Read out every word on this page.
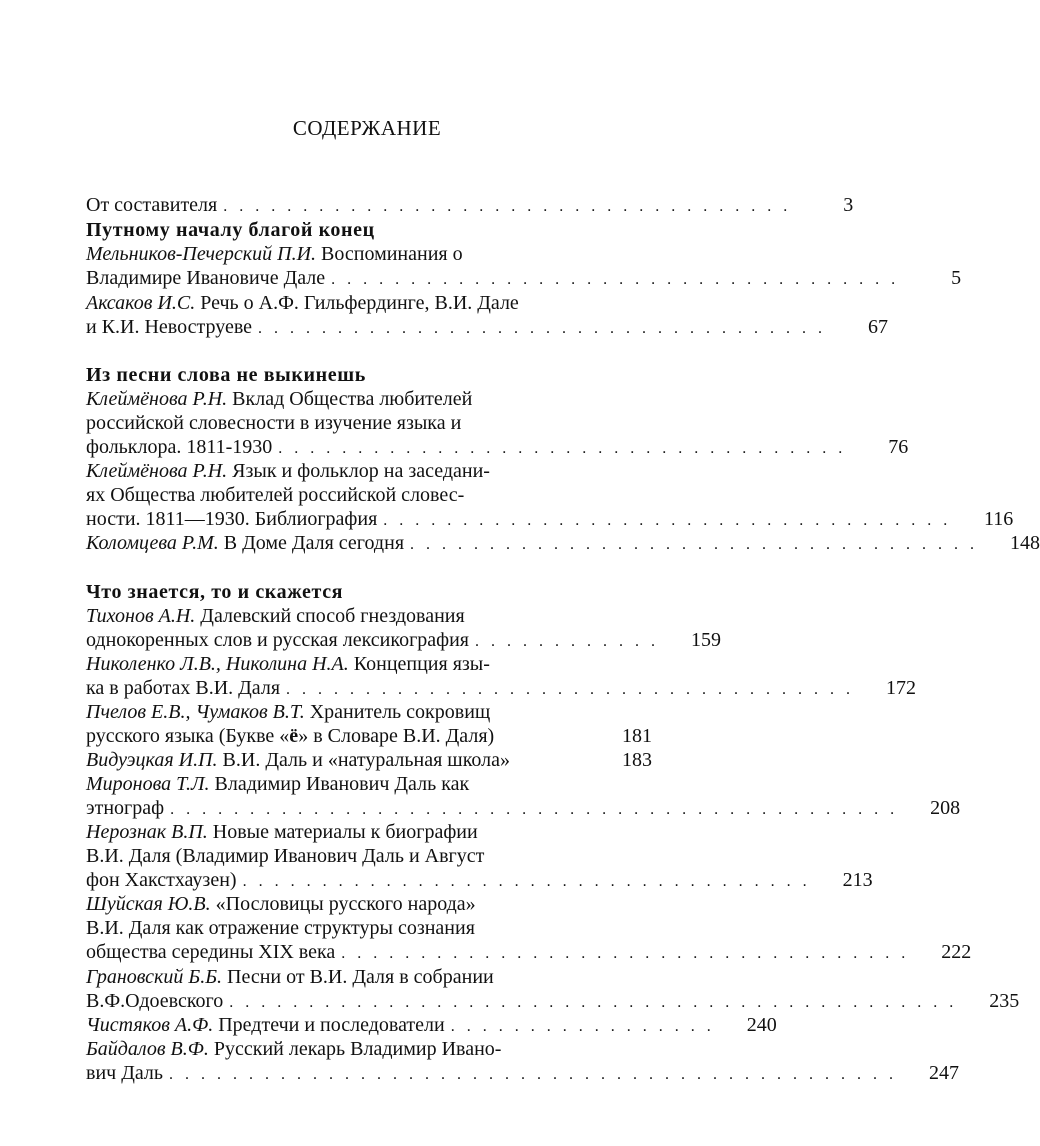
СОДЕРЖАНИЕ
От составителя . . . . . . . . . . . . . . . . . . . . . . . . . . . . . . . . . . . .	3
Путному началу благой конец
Мельников-Печерский П.И. Воспоминания о
Владимире Ивановиче Дале . . . . . . . . . . . . . . . . . . . . . . . . . . . . . . . . . . . .	5
Аксаков И.С. Речь о А.Ф. Гильфердинге, В.И. Дале
и К.И. Невоструеве . . . . . . . . . . . . . . . . . . . . . . . . . . . . . . . . . . . .	67
Из песни слова не выкинешь
Клеймёнова Р.Н. Вклад Общества любителей
российской словесности в изучение языка и
фольклора. 1811-1930 . . . . . . . . . . . . . . . . . . . . . . . . . . . . . . . . . . . .	76
Клеймёнова Р.Н. Язык и фольклор на заседани-
ях Общества любителей российской словес-
ности. 1811—1930. Библиография . . . . . . . . . . . . . . . . . . . . . . . . . . . . . . . . . . . .	116
Коломцева Р.М. В Доме Даля сегодня . . . . . . . . . . . . . . . . . . . . . . . . . . . . . . . . . . . .	148
Что знается, то и скажется
Тихонов А.Н. Далевский способ гнездования
однокоренных слов и русская лексикография . . . . . . . . . . . .	159
Николенко Л.В., Николина Н.А. Концепция язы-
ка в работах В.И. Даля . . . . . . . . . . . . . . . . . . . . . . . . . . . . . . . . . . . .	172
Пчелов Е.В., Чумаков В.Т. Хранитель сокровищ
русского языка (Букве «ё» в Словаре В.И. Даля)	181
Видуэцкая И.П. В.И. Даль и «натуральная школа»	183
Миронова Т.Л. Владимир Иванович Даль как
этнограф . . . . . . . . . . . . . . . . . . . . . . . . . . . . . . . . . . . . . . . . . . . . . .	208
Нерознак В.П. Новые материалы к биографии
В.И. Даля (Владимир Иванович Даль и Август
фон Хакстхаузен) . . . . . . . . . . . . . . . . . . . . . . . . . . . . . . . . . . . .	213
Шуйская Ю.В. «Пословицы русского народа»
В.И. Даля как отражение структуры сознания
общества середины XIX века . . . . . . . . . . . . . . . . . . . . . . . . . . . . . . . . . . . .	222
Грановский Б.Б. Песни от В.И. Даля в собрании
В.Ф.Одоевского . . . . . . . . . . . . . . . . . . . . . . . . . . . . . . . . . . . . . . . . . . . . . .	235
Чистяков А.Ф. Предтечи и последователи . . . . . . . . . . . . . . . . .	240
Байдалов В.Ф. Русский лекарь Владимир Ивано-
вич Даль . . . . . . . . . . . . . . . . . . . . . . . . . . . . . . . . . . . . . . . . . . . . . .	247
